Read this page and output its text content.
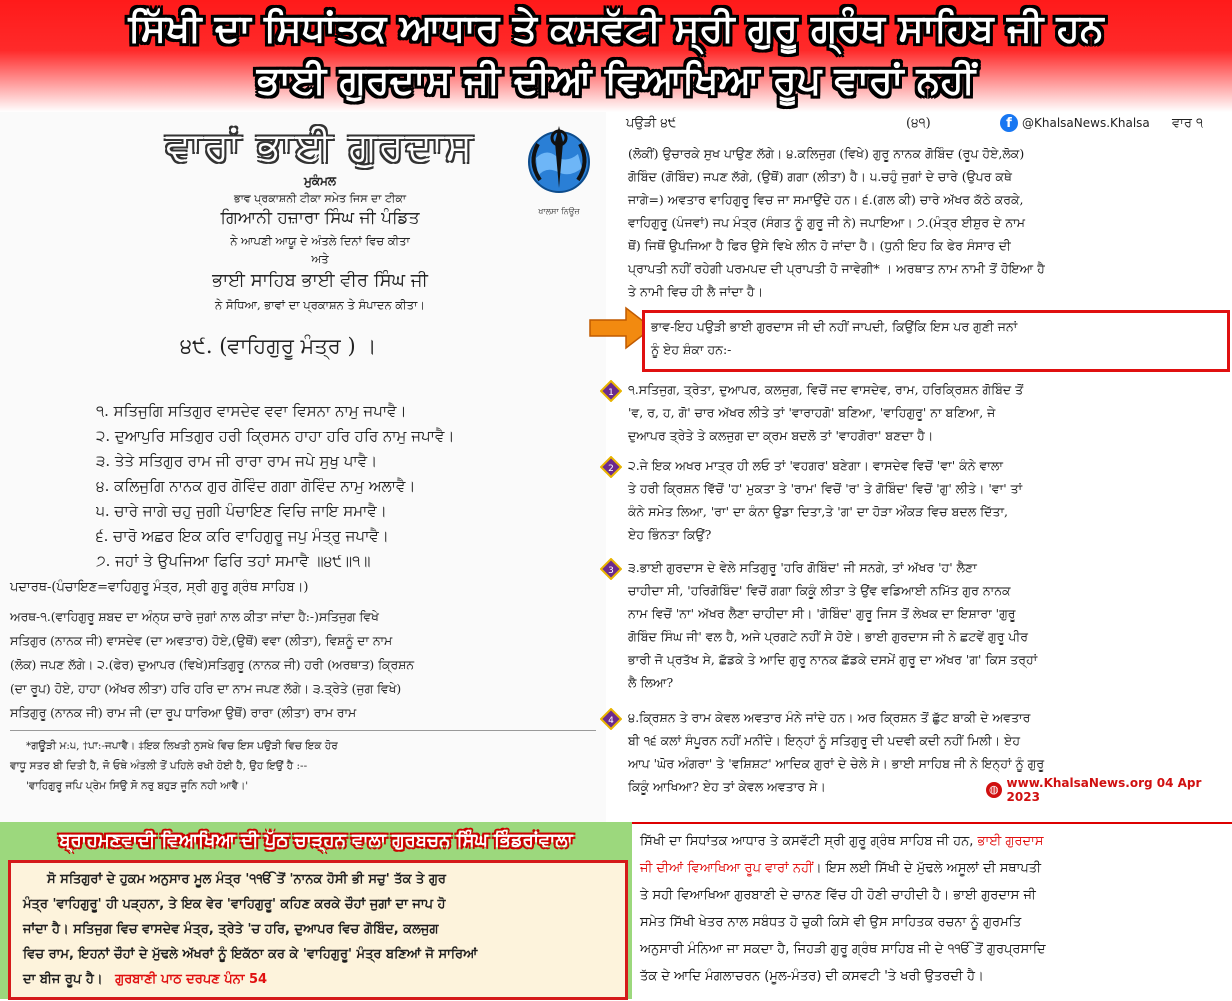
ਸਿੱਖੀ ਦਾ ਸਿਧਾਂਤਕ ਆਧਾਰ ਤੇ ਕਸਵੱਟੀ ਸ੍ਰੀ ਗੁਰੂ ਗ੍ਰੰਥ ਸਾਹਿਬ ਜੀ ਹਨ
ਭਾਈ ਗੁਰਦਾਸ ਜੀ ਦੀਆਂ ਵਿਆਖਿਆ ਰੂਪ ਵਾਰਾਂ ਨਹੀਂ
ਵਾਰਾਂ ਭਾਈ ਗੁਰਦਾਸ
ਖਾਲਸਾ ਨਿਊਜ਼
ਮੁਕੰਮਲ
ਭਾਵ ਪ੍ਰਕਾਸ਼ਨੀ ਟੀਕਾ ਸਮੇਤ ਜਿਸ ਦਾ ਟੀਕਾ
ਗਿਆਨੀ ਹਜ਼ਾਰਾ ਸਿੰਘ ਜੀ ਪੰਡਿਤ
ਨੇ ਆਪਣੀ ਆਯੂ ਦੇ ਅੰਤਲੇ ਦਿਨਾਂ ਵਿਚ ਕੀਤਾ
ਅਤੇ
ਭਾਈ ਸਾਹਿਬ ਭਾਈ ਵੀਰ ਸਿੰਘ ਜੀ
ਨੇ ਸੋਧਿਆ, ਭਾਵਾਂ ਦਾ ਪ੍ਰਕਾਸ਼ਨ ਤੇ ਸੰਪਾਦਨ ਕੀਤਾ।
੪੯. (ਵਾਹਿਗੁਰੂ ਮੰਤ੍ਰ ) ।
੧. ਸਤਿਜੁਗਿ ਸਤਿਗੁਰ ਵਾਸਦੇਵ ਵਵਾ ਵਿਸਨਾ ਨਾਮੁ ਜਪਾਵੈ।
੨. ਦੁਆਪੁਰਿ ਸਤਿਗੁਰ ਹਰੀ ਕ੍ਰਿਸਨ ਹਾਹਾ ਹਰਿ ਹਰਿ ਨਾਮੁ ਜਪਾਵੈ।
੩. ਤੇਤੇ ਸਤਿਗੁਰ ਰਾਮ ਜੀ ਰਾਰਾ ਰਾਮ ਜਪੇ ਸੁਖੁ ਪਾਵੈ।
੪. ਕਲਿਜੁਗਿ ਨਾਨਕ ਗੁਰ ਗੋਵਿੰਦ ਗਗਾ ਗੋਵਿੰਦ ਨਾਮੁ ਅਲਾਵੈ।
੫. ਚਾਰੇ ਜਾਗੇ ਚਹੁ ਜੁਗੀ ਪੰਚਾਇਣ ਵਿਚਿ ਜਾਇ ਸਮਾਵੈ।
੬. ਚਾਰੋ ਅਛਰ ਇਕ ਕਰਿ ਵਾਹਿਗੁਰੂ ਜਪੁ ਮੰਤ੍ਰੁ ਜਪਾਵੈ।
੭. ਜਹਾਂ ਤੇ ਉਪਜਿਆ ਫਿਰਿ ਤਹਾਂ ਸਮਾਵੈ ॥੪੯॥੧॥
ਪਦਾਰਥ-(ਪੰਚਾਇਣ=ਵਾਹਿਗੁਰੂ ਮੰਤ੍ਰ, ਸ੍ਰੀ ਗੁਰੂ ਗ੍ਰੰਥ ਸਾਹਿਬ।)
ਅਰਥ-੧.(ਵਾਹਿਗੁਰੂ ਸ਼ਬਦ ਦਾ ਅੰਨ੍ਯ ਚਾਰੇ ਜੁਗਾਂ ਨਾਲ ਕੀਤਾ ਜਾਂਦਾ ਹੈ:-)ਸਤਿਜੁਗ ਵਿਖੇ
ਸਤਿਗੁਰ (ਨਾਨਕ ਜੀ) ਵਾਸਦੇਵ (ਦਾ ਅਵਤਾਰ) ਹੋਏ,(ਉਥੋਂ) ਵਵਾ (ਲੀਤਾ), ਵਿਸ਼ਨੂੰ ਦਾ ਨਾਮ
(ਲੋਕ) ਜਪਣ ਲੱਗੇ। ੨.(ਫੇਰ) ਦੁਆਪਰ (ਵਿਖੇ)ਸਤਿਗੁਰੂ (ਨਾਨਕ ਜੀ) ਹਰੀ (ਅਰਥਾਤ) ਕ੍ਰਿਸ਼ਨ
(ਦਾ ਰੂਪ) ਹੋਏ, ਹਾਹਾ (ਅੱਖਰ ਲੀਤਾ) ਹਰਿ ਹਰਿ ਦਾ ਨਾਮ ਜਪਣ ਲੱਗੇ। ੩.ਤ੍ਰੇਤੇ (ਜੁਗ ਵਿਖੇ)
ਸਤਿਗੁਰੂ (ਨਾਨਕ ਜੀ) ਰਾਮ ਜੀ (ਦਾ ਰੂਪ ਧਾਰਿਆ ਉਥੋਂ) ਰਾਰਾ (ਲੀਤਾ) ਰਾਮ ਰਾਮ
*ਗਊੜੀ ਮ:੫, †ਪਾ:-ਜਪਾਵੈ। ‡ਇਕ ਲਿਖਤੀ ਨੁਸਖੇ ਵਿਚ ਇਸ ਪਉੜੀ ਵਿਚ ਇਕ ਹੋਰ
ਵਾਧੂ ਸਤਰ ਬੀ ਦਿਤੀ ਹੈ, ਜੋ ਓਥੇ ਅੰਤਲੀ ਤੋਂ ਪਹਿਲੇ ਰਖੀ ਹੋਈ ਹੈ, ਉਹ ਇਉਂ ਹੈ :--
'ਵਾਹਿਗੁਰੂ ਜਪਿ ਪ੍ਰੇਮ ਸਿਉ ਸੋ ਨਰੁ ਬਹੁੜ ਜੂਨਿ ਨਹੀ ਆਵੈ।'
ਪਉੜੀ ੪੯	(੪੧)	f @KhalsaNews.Khalsa ਵਾਰ ੧
(ਲੋਕੀਂ) ਉਚਾਰਕੇ ਸੁਖ ਪਾਉਣ ਲੱਗੇ। ੪.ਕਲਿਜੁਗ (ਵਿਖੇ) ਗੁਰੂ ਨਾਨਕ ਗੋਬਿੰਦ (ਰੂਪ ਹੋਏ,ਲੋਕ)
ਗੋਬਿੰਦ (ਗੋਬਿੰਦ) ਜਪਣ ਲੱਗੇ, (ਉਥੋਂ) ਗਗਾ (ਲੀਤਾ) ਹੈ। ੫.ਚਹੁੰ ਜੁਗਾਂ ਦੇ ਚਾਰੇ (ਉਪਰ ਕਥੇ
ਜਾਗੇ=) ਅਵਤਾਰ ਵਾਹਿਗੁਰੂ ਵਿਚ ਜਾ ਸਮਾਉਂਦੇ ਹਨ। ੬.(ਗਲ ਕੀ) ਚਾਰੇ ਅੱਖਰ ਕੱਠੇ ਕਰਕੇ,
ਵਾਹਿਗੁਰੂ (ਪੰਜਵਾਂ) ਜਪ ਮੰਤ੍ਰ (ਸੰਗਤ ਨੂੰ ਗੁਰੂ ਜੀ ਨੇ) ਜਪਾਇਆ। ੭.(ਮੰਤ੍ਰ ਈਸ਼ੁਰ ਦੇ ਨਾਮ
ਥੋਂ) ਜਿਥੋਂ ਉਪਜਿਆ ਹੈ ਫਿਰ ਉਸੇ ਵਿਖੇ ਲੀਨ ਹੋ ਜਾਂਦਾ ਹੈ। (ਧੁਨੀ ਇਹ ਕਿ ਫੇਰ ਸੰਸਾਰ ਦੀ
ਪ੍ਰਾਪਤੀ ਨਹੀਂ ਰਹੇਗੀ ਪਰਮਪਦ ਦੀ ਪ੍ਰਾਪਤੀ ਹੋ ਜਾਵੇਗੀ* । ਅਰਥਾਤ ਨਾਮ ਨਾਮੀ ਤੋਂ ਹੋਇਆ ਹੈ
ਤੇ ਨਾਮੀ ਵਿਚ ਹੀ ਲੈ ਜਾਂਦਾ ਹੈ।
ਭਾਵ-ਇਹ ਪਉੜੀ ਭਾਈ ਗੁਰਦਾਸ ਜੀ ਦੀ ਨਹੀਂ ਜਾਪਦੀ, ਕਿਉਂਕਿ ਇਸ ਪਰ ਗੁਣੀ ਜਨਾਂ
ਨੂੰ ਏਹ ਸ਼ੰਕਾ ਹਨ:-
1 ੧.ਸਤਿਜੁਗ, ਤ੍ਰੇਤਾ, ਦੁਆਪਰ, ਕਲਜੁਗ, ਵਿਚੋਂ ਜਦ ਵਾਸਦੇਵ, ਰਾਮ, ਹਰਿਕ੍ਰਿਸ਼ਨ ਗੋਬਿੰਦ ਤੋਂ
'ਵ, ਰ, ਹ, ਗੋ' ਚਾਰ ਅੱਖਰ ਲੀਤੇ ਤਾਂ 'ਵਾਰਾਹਗੋ' ਬਣਿਆ, 'ਵਾਹਿਗੁਰੂ' ਨਾ ਬਣਿਆ, ਜੇ
ਦੁਆਪਰ ਤ੍ਰੇਤੇ ਤੇ ਕਲਜੁਗ ਦਾ ਕ੍ਰਮ ਬਦਲੋ ਤਾਂ 'ਵਾਹਗੋਰਾ' ਬਣਦਾ ਹੈ।
2 ੨.ਜੇ ਇਕ ਅਖਰ ਮਾਤ੍ਰ ਹੀ ਲਓ ਤਾਂ 'ਵਹਗਰ' ਬਣੇਗਾ। ਵਾਸਦੇਵ ਵਿਚੋਂ 'ਵਾ' ਕੰਨੇ ਵਾਲਾ
ਤੇ ਹਰੀ ਕ੍ਰਿਸ਼ਨ ਵਿੱਚੋਂ 'ਹ' ਮੁਕਤਾ ਤੇ 'ਰਾਮ' ਵਿਚੋਂ 'ਰ' ਤੇ ਗੋਬਿੰਦ' ਵਿਚੋਂ 'ਗੁ' ਲੀਤੇ। 'ਵਾ' ਤਾਂ
ਕੰਨੇ ਸਮੇਤ ਲਿਆ, 'ਰਾ' ਦਾ ਕੰਨਾ ਉਡਾ ਦਿਤਾ,ਤੇ 'ਗ' ਦਾ ਹੋੜਾ ਔਂਕੜ ਵਿਚ ਬਦਲ ਦਿੱਤਾ,
ਏਹ ਭਿੰਨਤਾ ਕਿਉਂ?
3 ੩.ਭਾਈ ਗੁਰਦਾਸ ਦੇ ਵੇਲੇ ਸਤਿਗੁਰੂ 'ਹਰਿ ਗੋਬਿੰਦ' ਜੀ ਸਨਗੇ, ਤਾਂ ਅੱਖਰ 'ਹ' ਲੈਣਾ
ਚਾਹੀਦਾ ਸੀ, 'ਹਰਿਗੋਬਿੰਦ' ਵਿਚੋਂ ਗਗਾ ਕਿਕੂੰ ਲੀਤਾ ਤੇ ਉਂਵ ਵਡਿਆਈ ਨਮਿੱਤ ਗੁਰ ਨਾਨਕ
ਨਾਮ ਵਿਚੋਂ 'ਨਾ' ਅੱਖਰ ਲੈਣਾ ਚਾਹੀਦਾ ਸੀ। 'ਗੋਬਿੰਦ' ਗੁਰੂ ਜਿਸ ਤੋਂ ਲੇਖਕ ਦਾ ਇਸ਼ਾਰਾ 'ਗੁਰੂ
ਗੋਬਿੰਦ ਸਿੰਘ ਜੀ' ਵਲ ਹੈ, ਅਜੇ ਪ੍ਰਗਟੇ ਨਹੀਂ ਸੇ ਹੋਏ। ਭਾਈ ਗੁਰਦਾਸ ਜੀ ਨੇ ਛਟਵੇਂ ਗੁਰੂ ਪੀਰ
ਭਾਰੀ ਜੋ ਪ੍ਰਤੱਖ ਸੇ, ਛੱਡਕੇ ਤੇ ਆਦਿ ਗੁਰੂ ਨਾਨਕ ਛੱਡਕੇ ਦਸਮੇਂ ਗੁਰੂ ਦਾ ਅੱਖਰ 'ਗ' ਕਿਸ ਤਰ੍ਹਾਂ
ਲੈ ਲਿਆ?
4 ੪.ਕ੍ਰਿਸ਼ਨ ਤੇ ਰਾਮ ਕੇਵਲ ਅਵਤਾਰ ਮੰਨੇ ਜਾਂਦੇ ਹਨ। ਅਰ ਕ੍ਰਿਸ਼ਨ ਤੋਂ ਛੁੱਟ ਬਾਕੀ ਦੇ ਅਵਤਾਰ
ਬੀ ੧੬ ਕਲਾਂ ਸੰਪੂਰਨ ਨਹੀਂ ਮਨੀਂਦੇ। ਇਨ੍ਹਾਂ ਨੂੰ ਸਤਿਗੁਰੂ ਦੀ ਪਦਵੀ ਕਦੀ ਨਹੀਂ ਮਿਲੀ। ਏਹ
ਆਪ 'ਘੋਰ ਅੰਗਰਾ' ਤੇ 'ਵਸ਼ਿਸ਼ਟ' ਆਦਿਕ ਗੁਰਾਂ ਦੇ ਚੇਲੇ ਸੇ। ਭਾਈ ਸਾਹਿਬ ਜੀ ਨੇ ਇਨ੍ਹਾਂ ਨੂੰ ਗੁਰੂ
ਕਿਕੂੰ ਆਖਿਆ? ਏਹ ਤਾਂ ਕੇਵਲ ਅਵਤਾਰ ਸੇ।	◍ www.KhalsaNews.org 04 Apr 2023
ਬ੍ਰਾਹਮਣਵਾਦੀ ਵਿਆਖਿਆ ਦੀ ਪੁੱਠ ਚਾੜ੍ਹਨ ਵਾਲਾ ਗੁਰਬਚਨ ਸਿੰਘ ਭਿੰਡਰਾਂਵਾਲਾ
ਸੋ ਸਤਿਗੁਰਾਂ ਦੇ ਹੁਕਮ ਅਨੁਸਾਰ ਮੂਲ ਮੰਤ੍ਰ '੧ੴ ਤੋਂ 'ਨਾਨਕ ਹੋਸੀ ਭੀ ਸਚੁ' ਤੱਕ ਤੇ ਗੁਰ
ਮੰਤ੍ਰ 'ਵਾਹਿਗੁਰੂ' ਹੀ ਪੜ੍ਹਨਾ, ਤੇ ਇਕ ਵੇਰ 'ਵਾਹਿਗੁਰੂ' ਕਹਿਣ ਕਰਕੇ ਚੌਹਾਂ ਜੁਗਾਂ ਦਾ ਜਾਪ ਹੋ
ਜਾਂਦਾ ਹੈ। ਸਤਿਜੁਗ ਵਿਚ ਵਾਸਦੇਵ ਮੰਤ੍ਰ, ਤ੍ਰੇਤੇ 'ਚ ਹਰਿ, ਦੁਆਪਰ ਵਿਚ ਗੋਬਿੰਦ, ਕਲਜੁਗ
ਵਿਚ ਰਾਮ, ਇਹਨਾਂ ਚੌਹਾਂ ਦੇ ਮੁੱਢਲੇ ਅੱਖਰਾਂ ਨੂੰ ਇਕੱਠਾ ਕਰ ਕੇ 'ਵਾਹਿਗੁਰੂ' ਮੰਤ੍ਰ ਬਣਿਆਂ ਜੋ ਸਾਰਿਆਂ
ਦਾ ਬੀਜ ਰੂਪ ਹੈ। ਗੁਰਬਾਣੀ ਪਾਠ ਦਰਪਣ ਪੰਨਾ 54
ਸਿੱਖੀ ਦਾ ਸਿਧਾਂਤਕ ਆਧਾਰ ਤੇ ਕਸਵੱਟੀ ਸ੍ਰੀ ਗੁਰੂ ਗ੍ਰੰਥ ਸਾਹਿਬ ਜੀ ਹਨ, ਭਾਈ ਗੁਰਦਾਸ
ਜੀ ਦੀਆਂ ਵਿਆਖਿਆ ਰੂਪ ਵਾਰਾਂ ਨਹੀਂ। ਇਸ ਲਈ ਸਿੱਖੀ ਦੇ ਮੁੱਢਲੇ ਅਸੂਲਾਂ ਦੀ ਸਥਾਪਤੀ
ਤੇ ਸਹੀ ਵਿਆਖਿਆ ਗੁਰਬਾਣੀ ਦੇ ਚਾਨਣ ਵਿੱਚ ਹੀ ਹੋਣੀ ਚਾਹੀਦੀ ਹੈ। ਭਾਈ ਗੁਰਦਾਸ ਜੀ
ਸਮੇਤ ਸਿੱਖੀ ਖੇਤਰ ਨਾਲ ਸਬੰਧਤ ਹੋ ਚੁਕੀ ਕਿਸੇ ਵੀ ਉਸ ਸਾਹਿਤਕ ਰਚਨਾ ਨੂੰ ਗੁਰਮਤਿ
ਅਨੁਸਾਰੀ ਮੰਨਿਆ ਜਾ ਸਕਦਾ ਹੈ, ਜਿਹੜੀ ਗੁਰੂ ਗ੍ਰੰਥ ਸਾਹਿਬ ਜੀ ਦੇ ੧ੴ ਤੋਂ ਗੁਰਪ੍ਰਸਾਦਿ
ਤੱਕ ਦੇ ਆਦਿ ਮੰਗਲਾਚਰਨ (ਮੂਲ-ਮੰਤਰ) ਦੀ ਕਸਵਟੀ 'ਤੇ ਖਰੀ ਉਤਰਦੀ ਹੈ।
